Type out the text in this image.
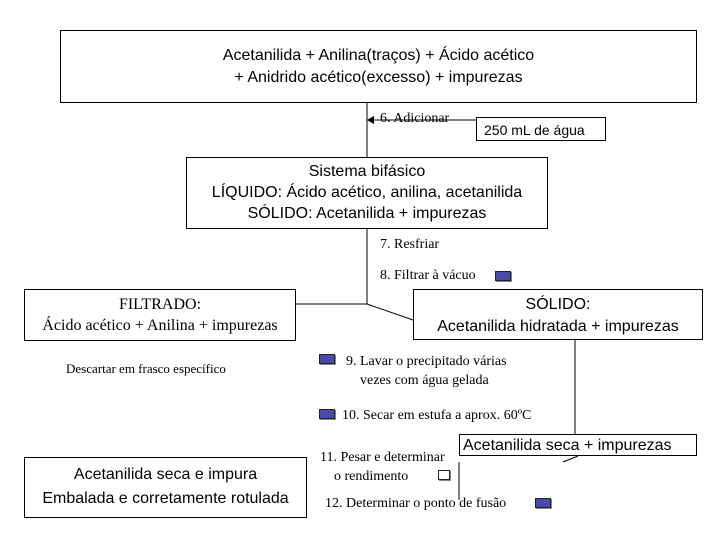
Acetanilida + Anilina(traços) + Ácido acético
+ Anidrido acético(excesso) + impurezas
6. Adicionar
250 mL de água
Sistema bifásico
LÍQUIDO: Ácido acético, anilina, acetanilida
SÓLIDO: Acetanilida + impurezas
7. Resfriar
8. Filtrar à vácuo
FILTRADO:
Ácido acético + Anilina + impurezas
Descartar em frasco específico
SÓLIDO:
Acetanilida hidratada + impurezas
9. Lavar o precipitado várias
vezes com água gelada
10. Secar em estufa a aprox. 60ºC
Acetanilida seca + impurezas
11. Pesar e determinar
o rendimento
Acetanilida seca e impura
Embalada e corretamente rotulada	12. Determinar o ponto de fusão
